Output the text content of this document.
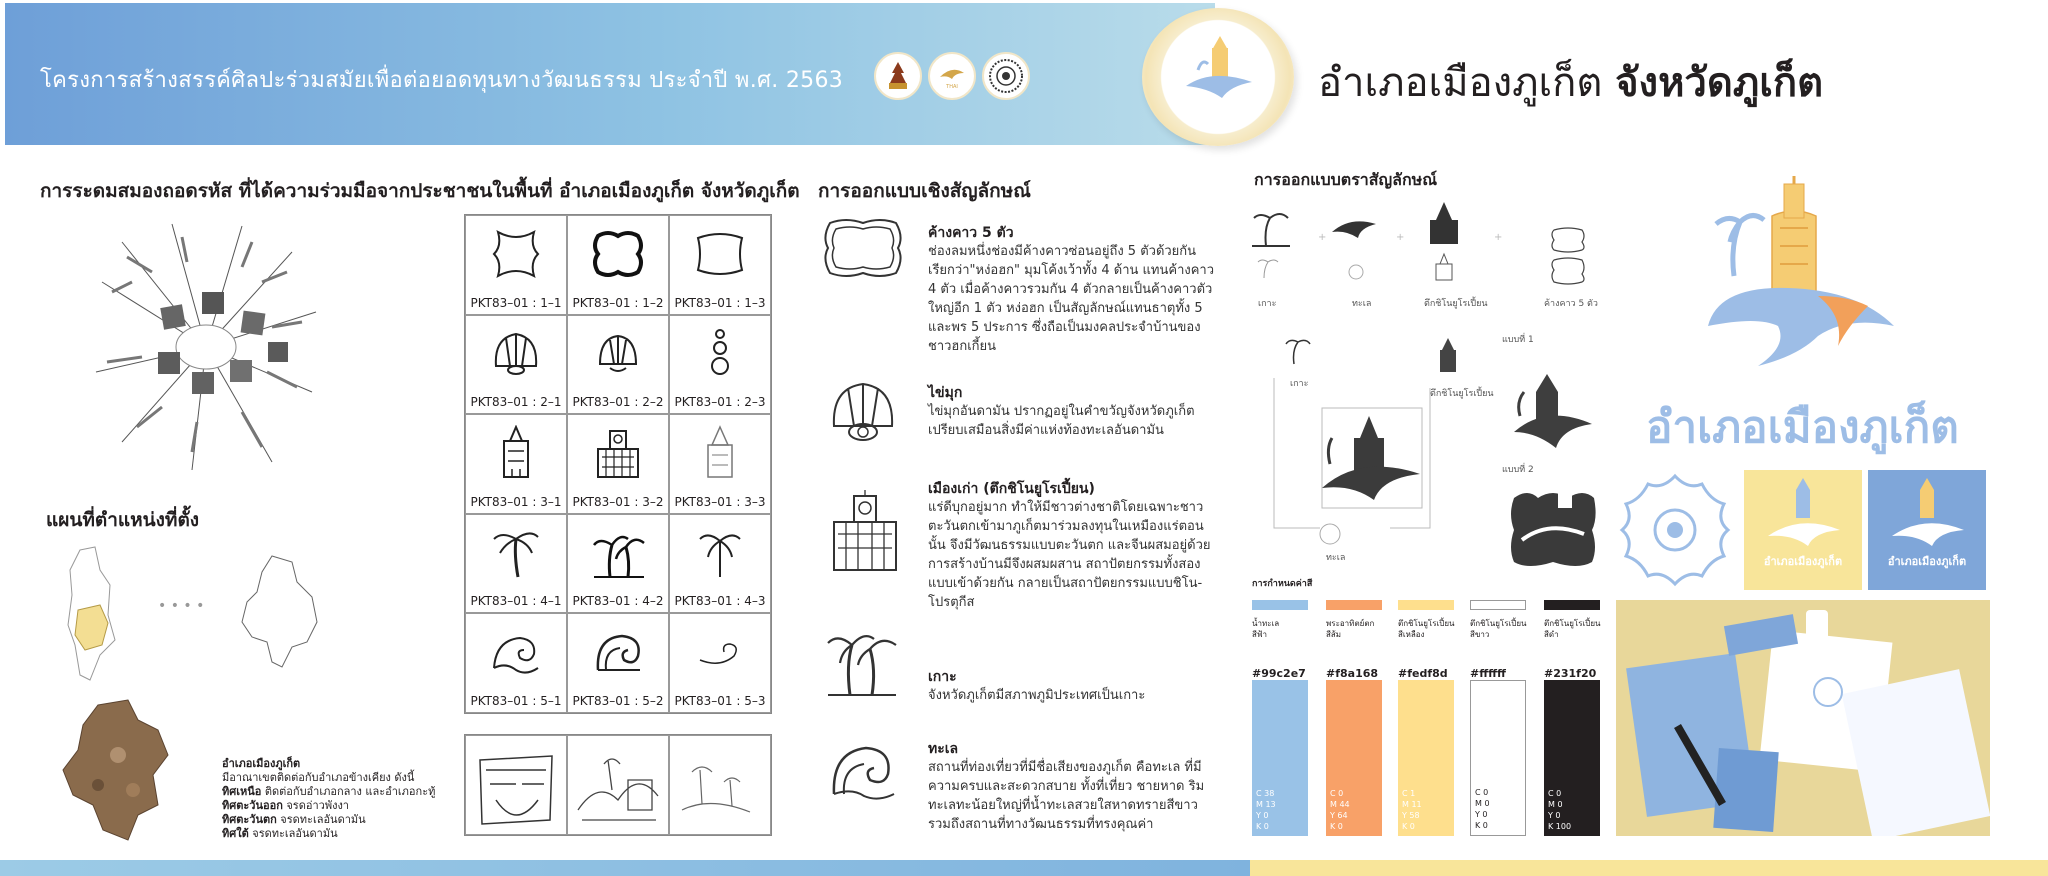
โครงการสร้างสรรค์ศิลปะร่วมสมัยเพื่อต่อยอดทุนทางวัฒนธรรม ประจำปี พ.ศ. 2563	THAI	อำเภอเมืองภูเก็ต จังหวัดภูเก็ต
การระดมสมองถอดรหัส ที่ได้ความร่วมมือจากประชาชนในพื้นที่ อำเภอเมืองภูเก็ต จังหวัดภูเก็ต
แผนที่ตำแหน่งที่ตั้ง
• • • •
อำเภอเมืองภูเก็ต
มีอาณาเขตติดต่อกับอำเภอข้างเคียง ดังนี้
ทิศเหนือ ติดต่อกับอำเภอกลาง และอำเภอกะทู้
ทิศตะวันออก จรดอ่าวพังงา
ทิศตะวันตก จรดทะเลอันดามัน
ทิศใต้ จรดทะเลอันดามัน
PKT83–01 : 1–1 PKT83–01 : 1–2 PKT83–01 : 1–3
PKT83–01 : 2–1 PKT83–01 : 2–2 PKT83–01 : 2–3
PKT83–01 : 3–1 PKT83–01 : 3–2 PKT83–01 : 3–3
PKT83–01 : 4–1 PKT83–01 : 4–2 PKT83–01 : 4–3
PKT83–01 : 5–1 PKT83–01 : 5–2 PKT83–01 : 5–3
การออกแบบเชิงสัญลักษณ์
ค้างคาว 5 ตัว
ช่องลมหนึ่งช่องมีค้างคาวซ่อนอยู่ถึง 5 ตัวด้วยกัน เรียกว่า"หง่อฮก" มุมโค้งเว้าทั้ง 4 ด้าน แทนค้างคาว 4 ตัว เมื่อค้างคาวรวมกัน 4 ตัวกลายเป็นค้างคาวตัวใหญ่อีก 1 ตัว หง่อฮก เป็นสัญลักษณ์แทนธาตุทั้ง 5 และพร 5 ประการ ซึ่งถือเป็นมงคลประจำบ้านของชาวฮกเกี้ยน
ไข่มุก
ไข่มุกอันดามัน ปรากฏอยู่ในคำขวัญจังหวัดภูเก็ต เปรียบเสมือนสิ่งมีค่าแห่งท้องทะเลอันดามัน
เมืองเก่า (ตึกชิโนยูโรเปี้ยน)
แร่ดีบุกอยู่มาก ทำให้มีชาวต่างชาติโดยเฉพาะชาวตะวันตกเข้ามาภูเก็ตมาร่วมลงทุนในเหมืองแร่ตอนนั้น จึงมีวัฒนธรรมแบบตะวันตก และจีนผสมอยู่ด้วย การสร้างบ้านมีจึงผสมผสาน สถาปัตยกรรมทั้งสองแบบเข้าด้วยกัน กลายเป็นสถาปัตยกรรมแบบชิโน-โปรตุกีส
เกาะ
จังหวัดภูเก็ตมีสภาพภูมิประเทศเป็นเกาะ
ทะเล
สถานที่ท่องเที่ยวที่มีชื่อเสียงของภูเก็ต คือทะเล ที่มีความครบและสะดวกสบาย ทั้งที่เที่ยว ชายหาด ริมทะเลทะน้อยใหญ่ที่น้ำทะเลสวยใสหาดทรายสีขาว รวมถึงสถานที่ทางวัฒนธรรมที่ทรงคุณค่า
การออกแบบตราสัญลักษณ์
+	+	+
เกาะ	ทะเล	ตึกชิโนยูโรเปี้ยน	ค้างคาว 5 ตัว
เกาะ
ตึกชิโนยูโรเปี้ยน
ทะเล
แบบที่ 1
แบบที่ 2
อำเภอเมืองภูเก็ต
อำเภอเมืองภูเก็ต	อำเภอเมืองภูเก็ต
การกำหนดค่าสี
น้ำทะเล
สีฟ้า
#99c2e7
C 38
M 13
Y 0
K 0
พระอาทิตย์ตก
สีส้ม
#f8a168
C 0
M 44
Y 64
K 0
ตึกชิโนยูโรเปี้ยน
สีเหลือง
#fedf8d
C 1
M 11
Y 58
K 0
ตึกชิโนยูโรเปี้ยน
สีขาว
#ffffff
C 0
M 0
Y 0
K 0
ตึกชิโนยูโรเปี้ยน
สีดำ
#231f20
C 0
M 0
Y 0
K 100
